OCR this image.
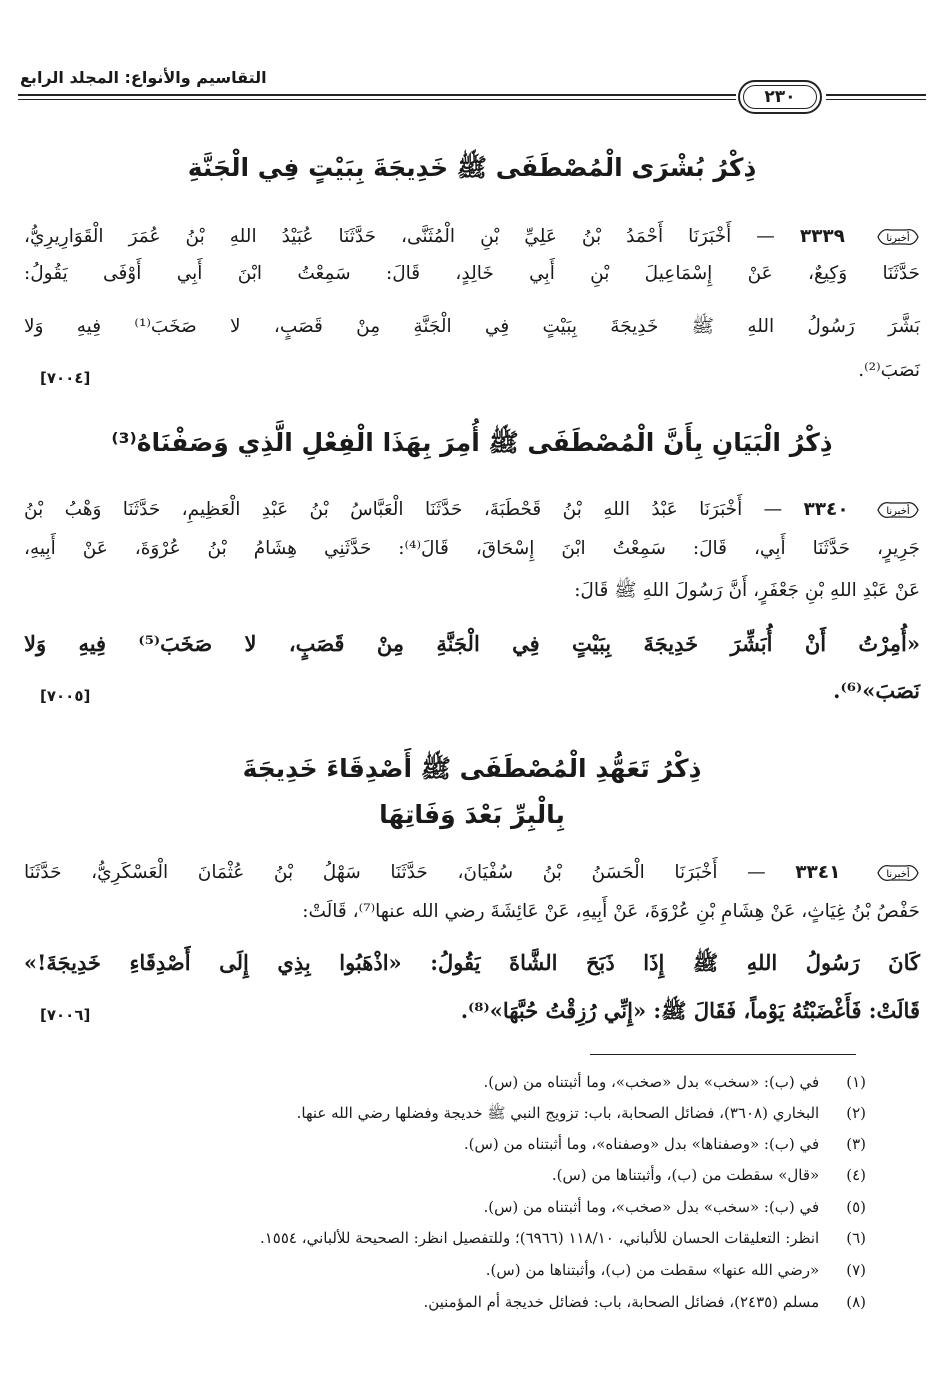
التقاسيم والأنواع: المجلد الرابع
٢٣٠
ذِكْرُ بُشْرَى الْمُصْطَفَى ﷺ خَدِيجَةَ بِبَيْتٍ فِي الْجَنَّةِ
أخبرنا
٣٣٣٩ — أَخْبَرَنَا أَحْمَدُ بْنُ عَلِيِّ بْنِ الْمُثَنَّى، حَدَّثَنَا عُبَيْدُ اللهِ بْنُ عُمَرَ الْقَوَارِيرِيُّ،
حَدَّثَنَا وَكِيعٌ، عَنْ إِسْمَاعِيلَ بْنِ أَبِي خَالِدٍ، قَالَ: سَمِعْتُ ابْنَ أَبِي أَوْفَى يَقُولُ:
بَشَّرَ رَسُولُ اللهِ ﷺ خَدِيجَةَ بِبَيْتٍ فِي الْجَنَّةِ مِنْ قَصَبٍ، لا صَخَبَ⁽¹⁾ فِيهِ وَلا
نَصَبَ⁽²⁾.
[٧٠٠٤]
ذِكْرُ الْبَيَانِ بِأَنَّ الْمُصْطَفَى ﷺ أُمِرَ بِهَذَا الْفِعْلِ الَّذِي وَصَفْنَاهُ⁽³⁾
أخبرنا
٣٣٤٠ — أَخْبَرَنَا عَبْدُ اللهِ بْنُ قَحْطَبَةَ، حَدَّثَنَا الْعَبَّاسُ بْنُ عَبْدِ الْعَظِيمِ، حَدَّثَنَا وَهْبُ بْنُ
جَرِيرٍ، حَدَّثَنَا أَبِي، قَالَ: سَمِعْتُ ابْنَ إِسْحَاقَ، قَالَ⁽⁴⁾: حَدَّثَنِي هِشَامُ بْنُ عُرْوَةَ، عَنْ أَبِيهِ،
عَنْ عَبْدِ اللهِ بْنِ جَعْفَرٍ، أَنَّ رَسُولَ اللهِ ﷺ قَالَ:
«أُمِرْتُ أَنْ أُبَشِّرَ خَدِيجَةَ بِبَيْتٍ فِي الْجَنَّةِ مِنْ قَصَبٍ، لا صَخَبَ⁽⁵⁾ فِيهِ وَلا
نَصَبَ»⁽⁶⁾.
[٧٠٠٥]
ذِكْرُ تَعَهُّدِ الْمُصْطَفَى ﷺ أَصْدِقَاءَ خَدِيجَةَ
بِالْبِرِّ بَعْدَ وَفَاتِهَا
أخبرنا
٣٣٤١ — أَخْبَرَنَا الْحَسَنُ بْنُ سُفْيَانَ، حَدَّثَنَا سَهْلُ بْنُ عُثْمَانَ الْعَسْكَرِيُّ، حَدَّثَنَا
حَفْصُ بْنُ غِيَاثٍ، عَنْ هِشَامِ بْنِ عُرْوَةَ، عَنْ أَبِيهِ، عَنْ عَائِشَةَ رضي الله عنها⁽⁷⁾، قَالَتْ:
كَانَ رَسُولُ اللهِ ﷺ إِذَا ذَبَحَ الشَّاةَ يَقُولُ: «اذْهَبُوا بِذِي إِلَى أَصْدِقَاءِ خَدِيجَةَ!»
قَالَتْ: فَأَغْضَبْتُهُ يَوْماً، فَقَالَ ﷺ: «إِنِّي رُزِقْتُ حُبَّهَا»⁽⁸⁾.
[٧٠٠٦]
(١) في (ب): «سخب» بدل «صخب»، وما أثبتناه من (س).
(٢) البخاري (٣٦٠٨)، فضائل الصحابة، باب: تزويج النبي ﷺ خديجة وفضلها رضي الله عنها.
(٣) في (ب): «وصفناها» بدل «وصفناه»، وما أثبتناه من (س).
(٤) «قال» سقطت من (ب)، وأثبتناها من (س).
(٥) في (ب): «سخب» بدل «صخب»، وما أثبتناه من (س).
(٦) انظر: التعليقات الحسان للألباني، ١١٨/١٠ (٦٩٦٦)؛ وللتفصيل انظر: الصحيحة للألباني، ١٥٥٤.
(٧) «رضي الله عنها» سقطت من (ب)، وأثبتناها من (س).
(٨) مسلم (٢٤٣٥)، فضائل الصحابة، باب: فضائل خديجة أم المؤمنين.
